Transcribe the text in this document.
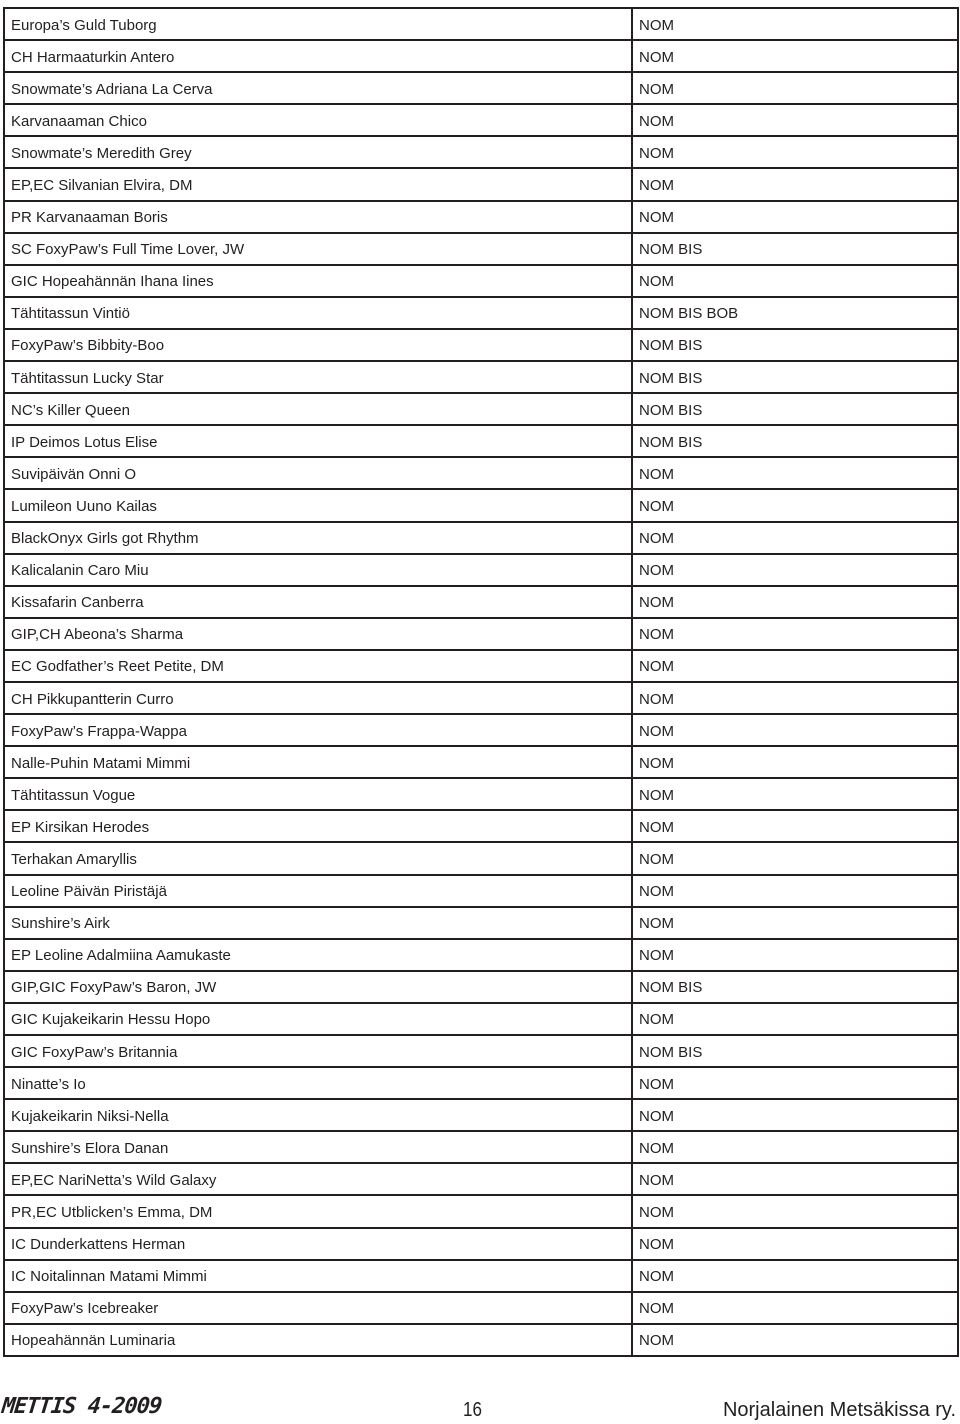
Europa’s Guld Tuborg	NOM
CH Harmaaturkin Antero	NOM
Snowmate’s Adriana La Cerva	NOM
Karvanaaman Chico	NOM
Snowmate’s Meredith Grey	NOM
EP,EC Silvanian Elvira, DM	NOM
PR Karvanaaman Boris	NOM
SC FoxyPaw’s Full Time Lover, JW	NOM BIS
GIC Hopeahännän Ihana Iines	NOM
Tähtitassun Vintiö	NOM BIS BOB
FoxyPaw’s Bibbity-Boo	NOM BIS
Tähtitassun Lucky Star	NOM BIS
NC’s Killer Queen	NOM BIS
IP Deimos Lotus Elise	NOM BIS
Suvipäivän Onni O	NOM
Lumileon Uuno Kailas	NOM
BlackOnyx Girls got Rhythm	NOM
Kalicalanin Caro Miu	NOM
Kissafarin Canberra	NOM
GIP,CH Abeona’s Sharma	NOM
EC Godfather’s Reet Petite, DM	NOM
CH Pikkupantterin Curro	NOM
FoxyPaw’s Frappa-Wappa	NOM
Nalle-Puhin Matami Mimmi	NOM
Tähtitassun Vogue	NOM
EP Kirsikan Herodes	NOM
Terhakan Amaryllis	NOM
Leoline Päivän Piristäjä	NOM
Sunshire’s Airk	NOM
EP Leoline Adalmiina Aamukaste	NOM
GIP,GIC FoxyPaw’s Baron, JW	NOM BIS
GIC Kujakeikarin Hessu Hopo	NOM
GIC FoxyPaw’s Britannia	NOM BIS
Ninatte’s Io	NOM
Kujakeikarin Niksi-Nella	NOM
Sunshire’s Elora Danan	NOM
EP,EC NariNetta’s Wild Galaxy	NOM
PR,EC Utblicken’s Emma, DM	NOM
IC Dunderkattens Herman	NOM
IC Noitalinnan Matami Mimmi	NOM
FoxyPaw’s Icebreaker	NOM
Hopeahännän Luminaria	NOM
METTIS 4-2009	16	Norjalainen Metsäkissa ry.
